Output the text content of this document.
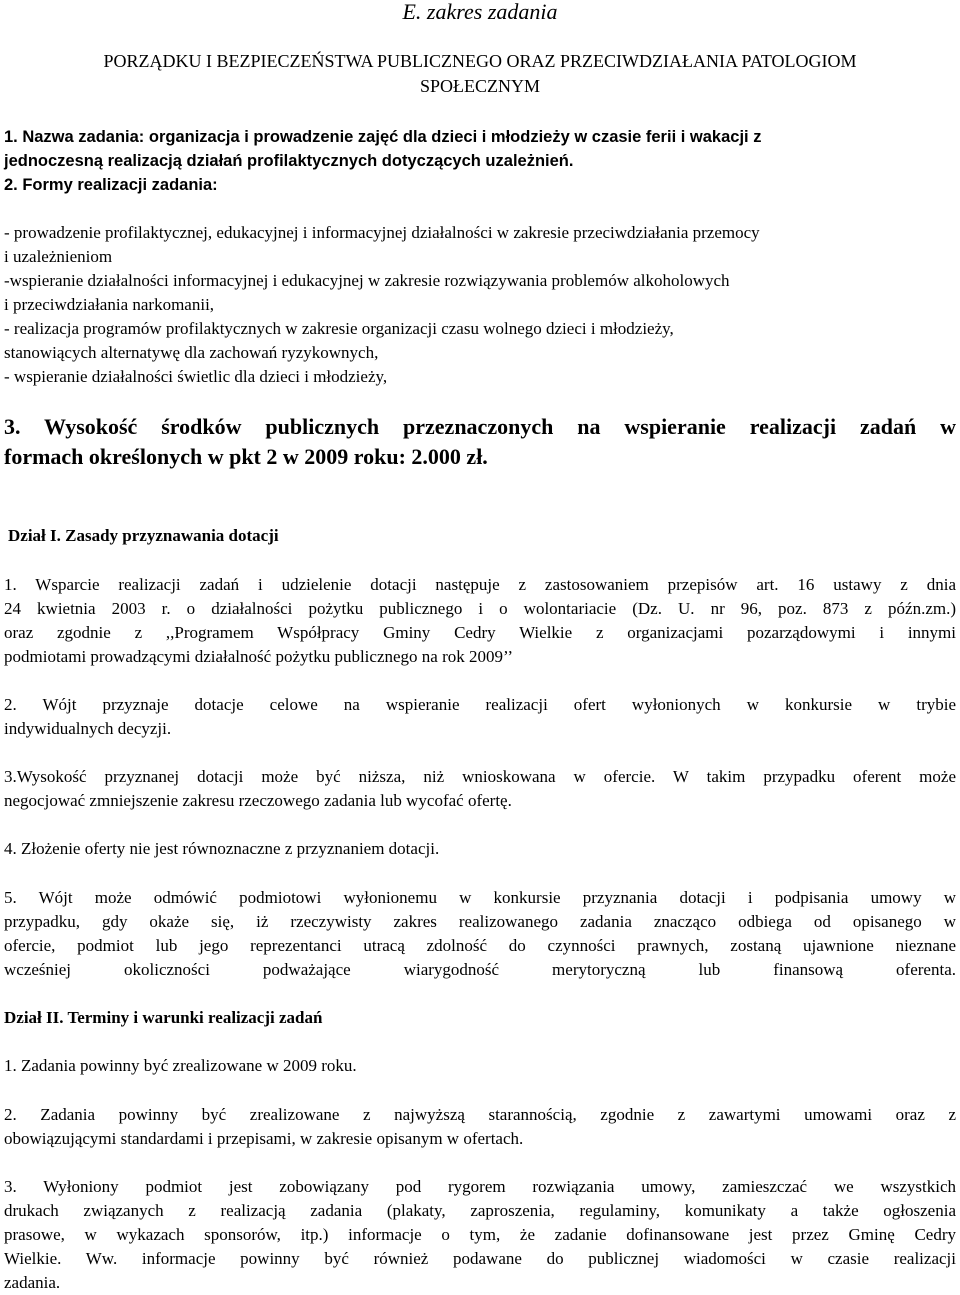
E. zakres zadania
PORZĄDKU I BEZPIECZEŃSTWA PUBLICZNEGO ORAZ PRZECIWDZIAŁANIA PATOLOGIOM
SPOŁECZNYM
1. Nazwa zadania: organizacja i prowadzenie zajęć dla dzieci i młodzieży w czasie ferii i wakacji z
jednoczesną realizacją działań profilaktycznych dotyczących uzależnień.
2. Formy realizacji zadania:
- prowadzenie profilaktycznej, edukacyjnej i informacyjnej działalności w zakresie przeciwdziałania przemocy
i uzależnieniom
-wspieranie działalności informacyjnej i edukacyjnej w zakresie rozwiązywania problemów alkoholowych
i przeciwdziałania narkomanii,
- realizacja programów profilaktycznych w zakresie organizacji czasu wolnego dzieci i młodzieży,
stanowiących alternatywę dla zachowań ryzykownych,
- wspieranie działalności świetlic dla dzieci i młodzieży,
3. Wysokość środków publicznych przeznaczonych na wspieranie realizacji zadań w
formach określonych w pkt 2 w 2009 roku: 2.000 zł.
Dział I. Zasady przyznawania dotacji
1. Wsparcie realizacji zadań i udzielenie dotacji następuje z zastosowaniem przepisów art. 16 ustawy z dnia
24 kwietnia 2003 r. o działalności pożytku publicznego i o wolontariacie (Dz. U. nr 96, poz. 873 z późn.zm.)
oraz zgodnie z ,,Programem Współpracy Gminy Cedry Wielkie z organizacjami pozarządowymi i innymi
podmiotami prowadzącymi działalność pożytku publicznego na rok 2009’’
2. Wójt przyznaje dotacje celowe na wspieranie realizacji ofert wyłonionych w konkursie w trybie
indywidualnych decyzji.
3.Wysokość przyznanej dotacji może być niższa, niż wnioskowana w ofercie. W takim przypadku oferent może
negocjować zmniejszenie zakresu rzeczowego zadania lub wycofać ofertę.
4. Złożenie oferty nie jest równoznaczne z przyznaniem dotacji.
5. Wójt może odmówić podmiotowi wyłonionemu w konkursie przyznania dotacji i podpisania umowy w
przypadku, gdy okaże się, iż rzeczywisty zakres realizowanego zadania znacząco odbiega od opisanego w
ofercie, podmiot lub jego reprezentanci utracą zdolność do czynności prawnych, zostaną ujawnione nieznane
wcześniej okoliczności podważające wiarygodność merytoryczną lub finansową oferenta.
Dział II. Terminy i warunki realizacji zadań
1. Zadania powinny być zrealizowane w 2009 roku.
2. Zadania powinny być zrealizowane z najwyższą starannością, zgodnie z zawartymi umowami oraz z
obowiązującymi standardami i przepisami, w zakresie opisanym w ofertach.
3. Wyłoniony podmiot jest zobowiązany pod rygorem rozwiązania umowy, zamieszczać we wszystkich
drukach związanych z realizacją zadania (plakaty, zaproszenia, regulaminy, komunikaty a także ogłoszenia
prasowe, w wykazach sponsorów, itp.) informacje o tym, że zadanie dofinansowane jest przez Gminę Cedry
Wielkie. Ww. informacje powinny być również podawane do publicznej wiadomości w czasie realizacji
zadania.
